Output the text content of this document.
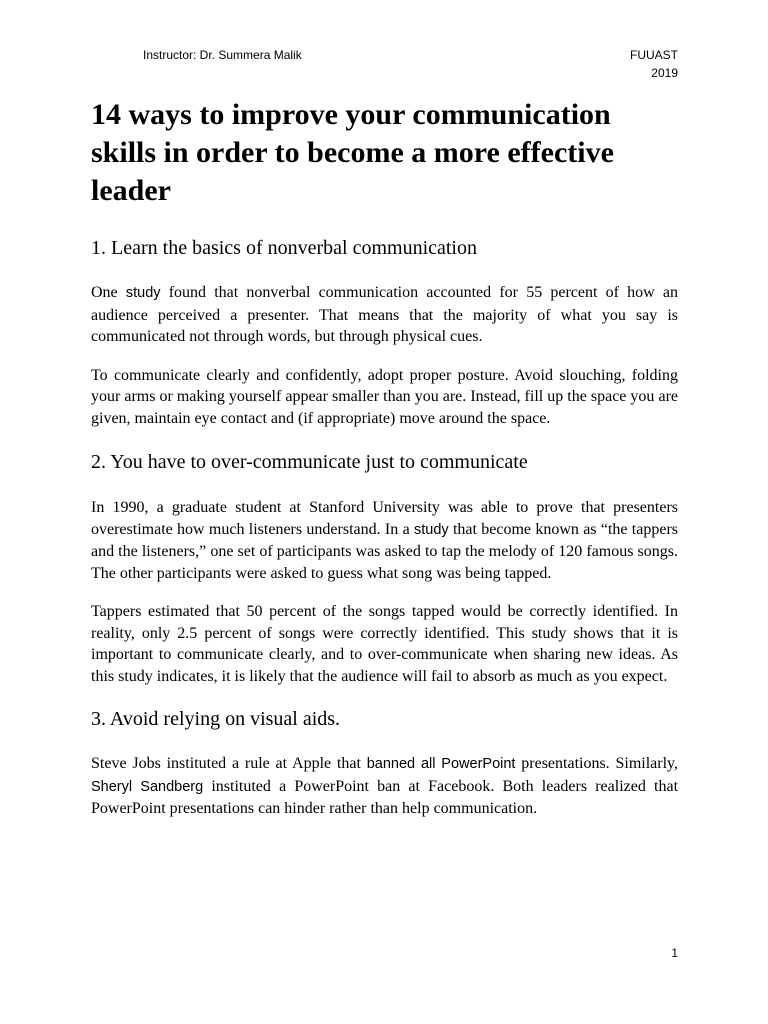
Instructor: Dr. Summera Malik	FUUAST
2019
14 ways to improve your communication skills in order to become a more effective leader
1. Learn the basics of nonverbal communication

One study found that nonverbal communication accounted for 55 percent of how an audience perceived a presenter. That means that the majority of what you say is communicated not through words, but through physical cues.

To communicate clearly and confidently, adopt proper posture. Avoid slouching, folding your arms or making yourself appear smaller than you are. Instead, fill up the space you are given, maintain eye contact and (if appropriate) move around the space.

2. You have to over-communicate just to communicate

In 1990, a graduate student at Stanford University was able to prove that presenters overestimate how much listeners understand. In a study that become known as “the tappers and the listeners,” one set of participants was asked to tap the melody of 120 famous songs. The other participants were asked to guess what song was being tapped.

Tappers estimated that 50 percent of the songs tapped would be correctly identified. In reality, only 2.5 percent of songs were correctly identified. This study shows that it is important to communicate clearly, and to over-communicate when sharing new ideas. As this study indicates, it is likely that the audience will fail to absorb as much as you expect.

3. Avoid relying on visual aids.

Steve Jobs instituted a rule at Apple that banned all PowerPoint presentations. Similarly, Sheryl Sandberg instituted a PowerPoint ban at Facebook. Both leaders realized that PowerPoint presentations can hinder rather than help communication.

1
